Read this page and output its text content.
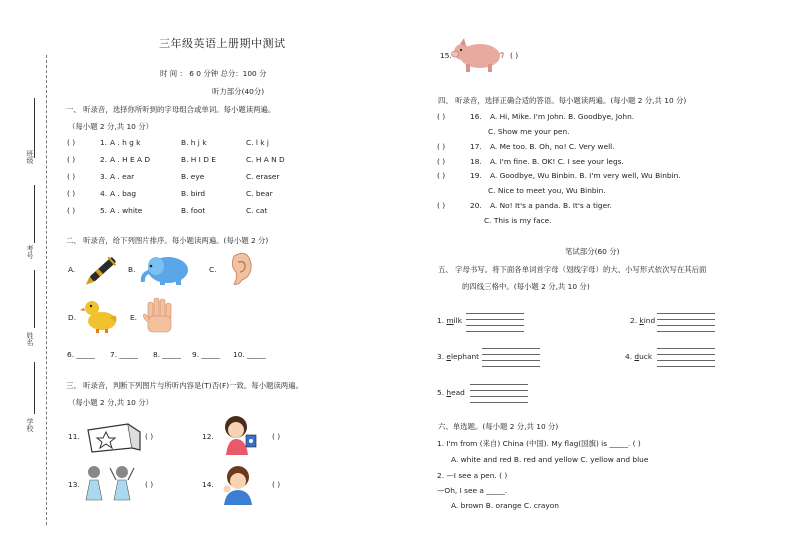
班级
考号
姓名
学校
三年级英语上册期中测试
时 间 ： 6 0 分钟 总分：100 分
听力部分(40分)
一、 听录音，选择你所听到的字母组合或单词。每小题读两遍。
（每小题 2 分,共 10 分）
( )	1. A . h g k	B. h j k	C. l k j
( )	2. A . H E A D	B. H I D E	C. H A N D
( )	3. A . ear	B. eye	C. eraser
( )	4. A . bag	B. bird	C. bear
( )	5. A . white	B. foot	C. cat
二、 听录音，给下列图片排序。每小题读两遍。(每小题 2 分)
A.	B.	C.
D.	E.
6. _____ 7. _____ 8. _____ 9. _____ 10. _____
三、 听录音，判断下列图片与所听内容是(T)否(F)一致。每小题读两遍。
（每小题 2 分,共 10 分）
11.	( )	12.	( )
13.	( )	14.	( )
15.	( )
四、 听录音，选择正确合适的答语。每小题读两遍。(每小题 2 分,共 10 分)
( )	16. A. Hi, Mike. I'm John. B. Goodbye, John.
C. Show me your pen.
( )	17. A. Me too. B. Oh, no! C. Very well.
( )	18. A. I'm fine. B. OK! C. I see your legs.
( )	19. A. Goodbye, Wu Binbin. B. I'm very well, Wu Binbin.
C. Nice to meet you, Wu Binbin.
( )	20. A. No! It's a panda. B. It's a tiger.
C. This is my face.
笔试部分(60 分)
五、 字母书写。将下面各单词首字母（划线字母）的大、小写形式依次写在其后面
的四线三格中。(每小题 2 分,共 10 分)
1. milk	2. kind
3. elephant	4. duck
5. head
六、单选题。(每小题 2 分,共 10 分)
1. I'm from (来自) China (中国). My flag(国旗) is _____. ( )
A. white and red B. red and yellow C. yellow and blue
2. —I see a pen. ( )
—Oh, I see a _____.
A. brown B. orange C. crayon
